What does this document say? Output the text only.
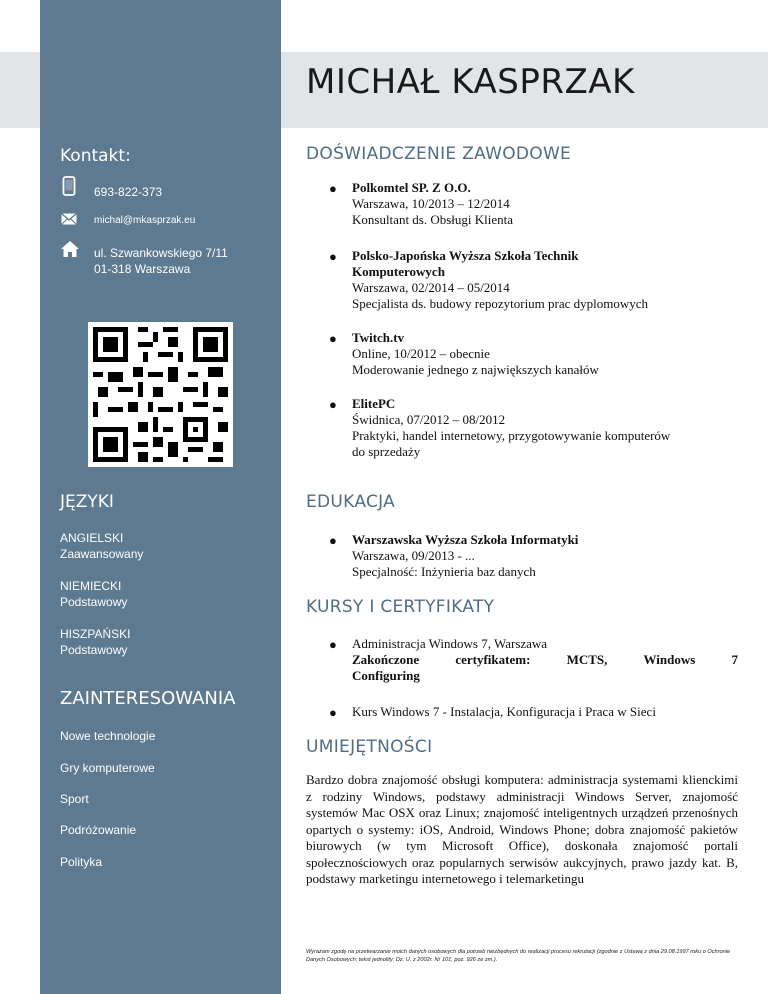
MICHAŁ KASPRZAK
Kontakt:
693-822-373
michal@mkasprzak.eu
ul. Szwankowskiego 7/11
01-318 Warszawa
JĘZYKI
ANGIELSKI
Zaawansowany
NIEMIECKI
Podstawowy
HISZPAŃSKI
Podstawowy
ZAINTERESOWANIA
Nowe technologie
Gry komputerowe
Sport
Podróżowanie
Polityka
DOŚWIADCZENIE ZAWODOWE
● Polkomtel SP. Z O.O.
Warszawa, 10/2013 – 12/2014
Konsultant ds. Obsługi Klienta
● Polsko-Japońska Wyższa Szkoła Technik
Komputerowych
Warszawa, 02/2014 – 05/2014
Specjalista ds. budowy repozytorium prac dyplomowych
● Twitch.tv
Online, 10/2012 – obecnie
Moderowanie jednego z największych kanałów
● ElitePC
Świdnica, 07/2012 – 08/2012
Praktyki, handel internetowy, przygotowywanie komputerów
do sprzedaży
EDUKACJA
● Warszawska Wyższa Szkoła Informatyki
Warszawa, 09/2013 - ...
Specjalność: Inżynieria baz danych
KURSY I CERTYFIKATY
● Administracja Windows 7, Warszawa
Zakończone	certyfikatem:	MCTS,	Windows	7
Configuring
● Kurs Windows 7 - Instalacja, Konfiguracja i Praca w Sieci
UMIEJĘTNOŚCI
Bardzo dobra znajomość obsługi komputera: administracja systemami klienckimi z rodziny Windows, podstawy administracji Windows Server, znajomość systemów Mac OSX oraz Linux; znajomość inteligentnych urządzeń przenośnych opartych o systemy: iOS, Android, Windows Phone; dobra znajomość pakietów biurowych (w tym Microsoft Office), doskonała znajomość portali społecznościowych oraz popularnych serwisów aukcyjnych, prawo jazdy kat. B, podstawy marketingu internetowego i telemarketingu
Wyrażam zgodę na przetwarzanie moich danych osobowych dla potrzeb niezbędnych do realizacji procesu rekrutacji (zgodnie z Ustawą z dnia 29.08.1997 roku o Ochronie Danych Osobowych; tekst jednolity: Dz. U. z 2002r. Nr 101, poz. 926 ze zm.).
